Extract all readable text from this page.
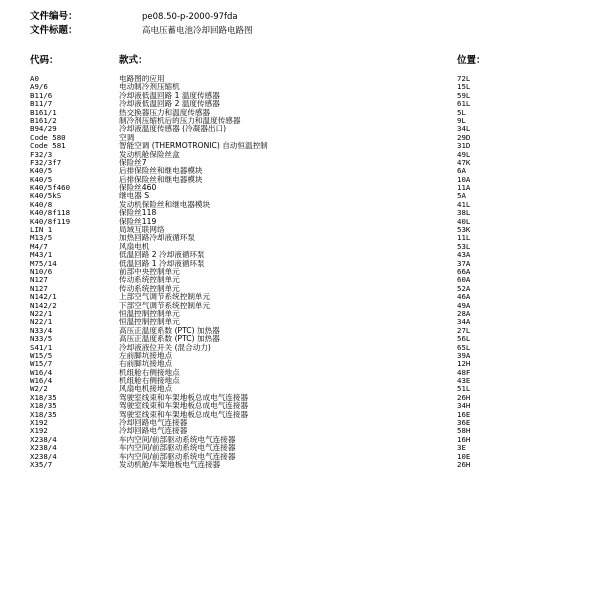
文件编号：	pe08.50-p-2000-97fda
文件标题：	高电压蓄电池冷却回路电路图
代码：	款式：	位置：
A0	电路图的应用	72L
A9/6	电动制冷剂压缩机	15L
B11/6	冷却液低温回路 1 温度传感器	59L
B11/7	冷却液低温回路 2 温度传感器	61L
B161/1	热交换器压力和温度传感器	5L
B161/2	制冷剂压缩机后的压力和温度传感器	9L
B94/29	冷却液温度传感器 (冷凝器出口)	34L
Code 580	空调	29D
Code 581	智能空调 (THERMOTRONIC) 自动恒温控制	31D
F32/3	发动机舱保险丝盒	49L
F32/3f7	保险丝7	47K
K40/5	后排保险丝和继电器模块	6A
K40/5	后排保险丝和继电器模块	10A
K40/5f460	保险丝460	11A
K40/5kS	继电器 S	5A
K40/8	发动机保险丝和继电器模块	41L
K40/8f118	保险丝118	38L
K40/8f119	保险丝119	40L
LIN 1	局域互联网络	53K
M13/5	加热回路冷却液循环泵	11L
M4/7	风扇电机	53L
M43/1	低温回路 2 冷却液循环泵	43A
M75/14	低温回路 1 冷却液循环泵	37A
N10/6	前部中央控制单元	66A
N127	传动系统控制单元	60A
N127	传动系统控制单元	52A
N142/1	上部空气调节系统控制单元	46A
N142/2	下部空气调节系统控制单元	49A
N22/1	恒温控制控制单元	28A
N22/1	恒温控制控制单元	34A
N33/4	高压正温度系数 (PTC) 加热器	27L
N33/5	高压正温度系数 (PTC) 加热器	56L
S41/1	冷却液液位开关 (混合动力)	65L
W15/5	左前脚坑接地点	39A
W15/7	右前脚坑接地点	12H
W16/4	机组舱右侧接地点	48F
W16/4	机组舱右侧接地点	43E
W2/2	风扇电机接地点	51L
X18/35	驾驶室线束和车架地板总成电气连接器	26H
X18/35	驾驶室线束和车架地板总成电气连接器	34H
X18/35	驾驶室线束和车架地板总成电气连接器	16E
X192	冷却回路电气连接器	36E
X192	冷却回路电气连接器	58H
X238/4	车内空间/前部驱动系统电气连接器	16H
X238/4	车内空间/前部驱动系统电气连接器	3E
X238/4	车内空间/前部驱动系统电气连接器	10E
X35/7	发动机舱/车架地板电气连接器	26H
